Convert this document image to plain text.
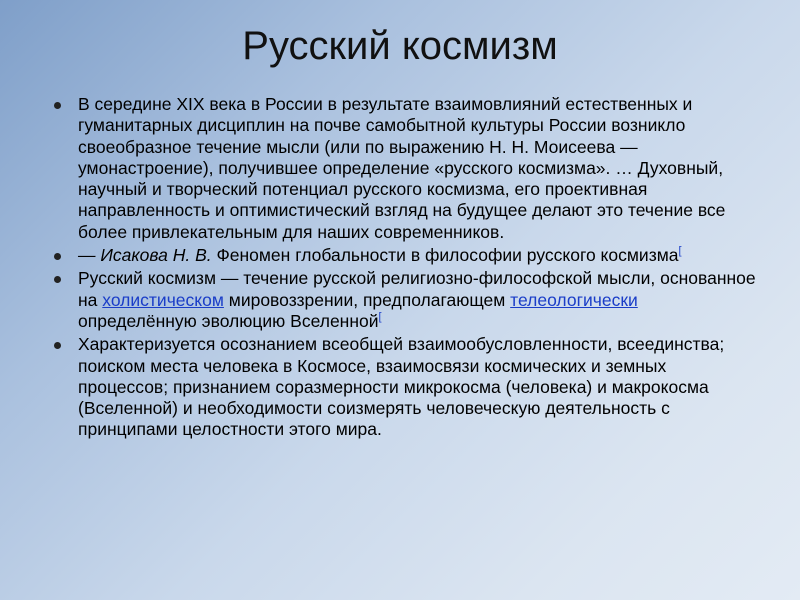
Русский космизм
В середине XIX века в России в результате взаимовлияний естественных и гуманитарных дисциплин на почве самобытной культуры России возникло своеобразное течение мысли (или по выражению Н. Н. Моисеева — умонастроение), получившее определение «русского космизма». … Духовный, научный и творческий потенциал русского космизма, его проективная направленность и оптимистический взгляд на будущее делают это течение все более привлекательным для наших современников.
— Исакова Н. В. Феномен глобальности в философии русского космизма[
Русский космизм — течение русской религиозно-философской мысли, основанное на холистическом мировоззрении, предполагающем телеологически определённую эволюцию Вселенной[
Характеризуется осознанием всеобщей взаимообусловленности, всеединства; поиском места человека в Космосе, взаимосвязи космических и земных процессов; признанием соразмерности микрокосма (человека) и макрокосма (Вселенной) и необходимости соизмерять человеческую деятельность с принципами целостности этого мира.
